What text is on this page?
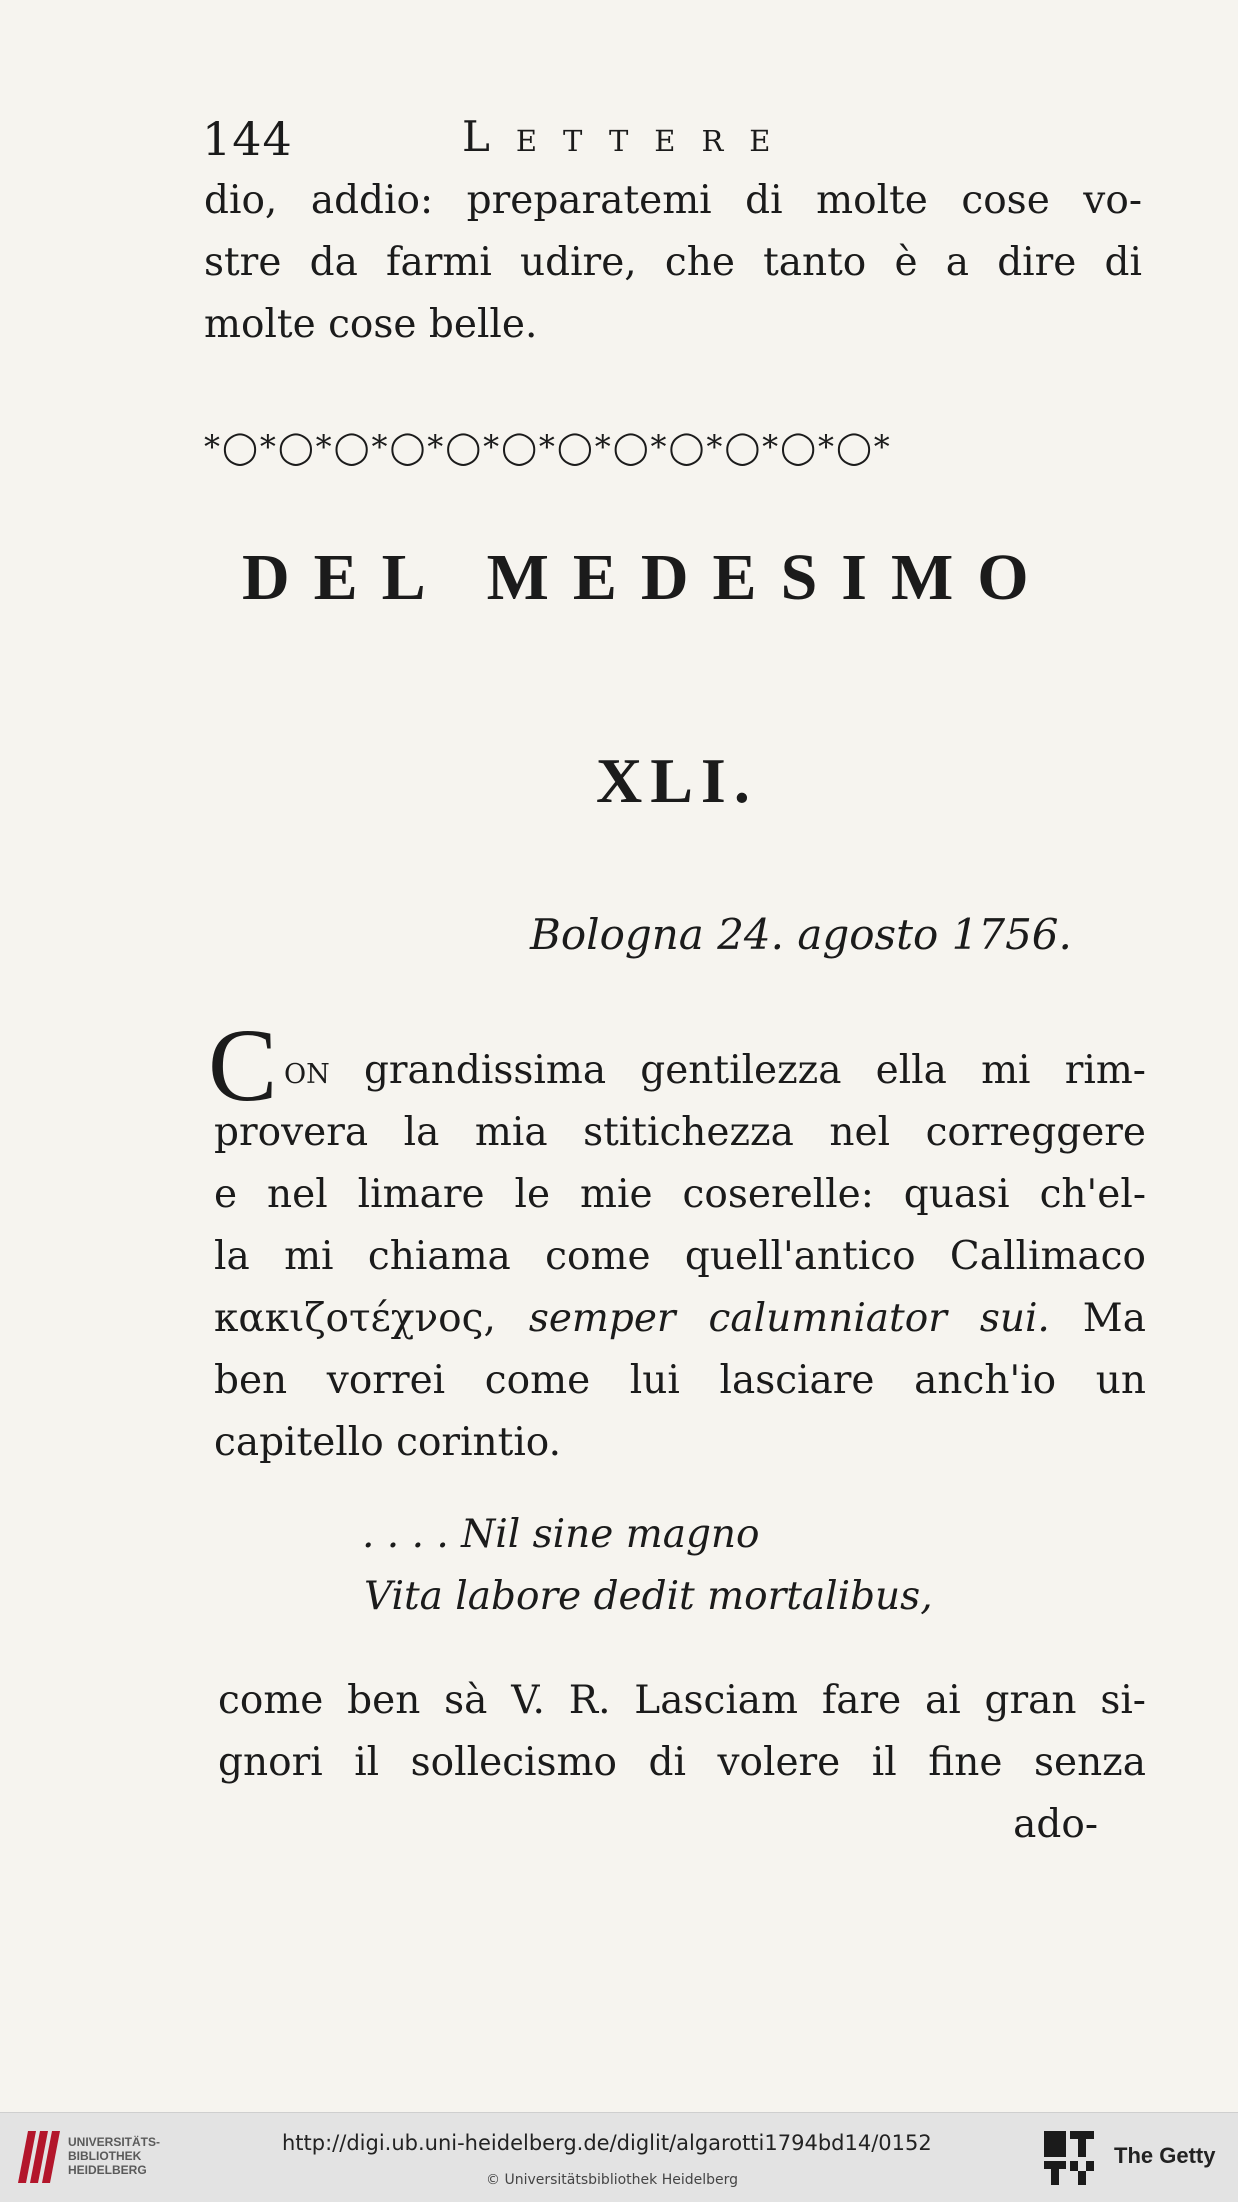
144	Lettere
dio, addio: preparatemi di molte cose vo-
stre da farmi udire, che tanto è a dire di
molte cose belle.
*◯*◯*◯*◯*◯*◯*◯*◯*◯*◯*◯*◯*
DEL MEDESIMO
XLI.
Bologna 24. agosto 1756.
C on grandissima gentilezza ella mi rim-
provera la mia stitichezza nel correggere
e nel limare le mie coserelle: quasi ch'el-
la mi chiama come quell'antico Callimaco
κακιζοτέχνος, semper calumniator sui. Ma
ben vorrei come lui lasciare anch'io un
capitello corintio.
. . . . Nil sine magno
Vita labore dedit mortalibus,
come ben sà V. R. Lasciam fare ai gran si-
gnori il sollecismo di volere il fine senza
ado-
UNIVERSITÄTS-
BIBLIOTHEK
HEIDELBERG
http://digi.ub.uni-heidelberg.de/diglit/algarotti1794bd14/0152
© Universitätsbibliothek Heidelberg
The Getty
